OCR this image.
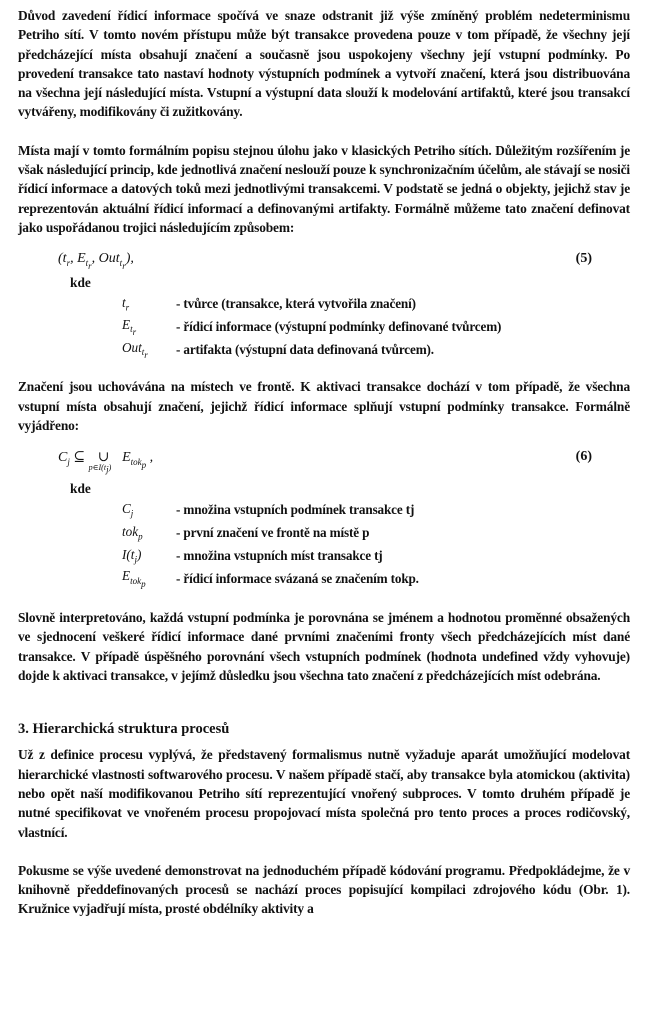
Důvod zavedení řídicí informace spočívá ve snaze odstranit již výše zmíněný problém nedeterminismu Petriho sítí. V tomto novém přístupu může být transakce provedena pouze v tom případě, že všechny její předcházející místa obsahují značení a současně jsou uspokojeny všechny její vstupní podmínky. Po provedení transakce tato nastaví hodnoty výstupních podmínek a vytvoří značení, která jsou distribuována na všechna její následující místa. Vstupní a výstupní data slouží k modelování artifaktů, které jsou transakcí vytvářeny, modifikovány či zužitkovány.

Místa mají v tomto formálním popisu stejnou úlohu jako v klasických Petriho sítích. Důležitým rozšířením je však následující princip, kde jednotlivá značení neslouží pouze k synchronizačním účelům, ale stávají se nosiči řídicí informace a datových toků mezi jednotlivými transakcemi. V podstatě se jedná o objekty, jejichž stav je reprezentován aktuální řídicí informací a definovanými artifakty. Formálně můžeme tato značení definovat jako uspořádanou trojici následujícím způsobem:

($t_r$, $E_{t_r}$, Out$_{t_r}$),	(5)
kde
$t_r$	- tvůrce (transakce, která vytvořila značení)
$E_{t_r}$	- řídicí informace (výstupní podmínky definované tvůrcem)
Out$_{t_r}$	- artifakta (výstupní data definovaná tvůrcem).

Značení jsou uchovávána na místech ve frontě. K aktivaci transakce dochází v tom případě, že všechna vstupní místa obsahují značení, jejichž řídicí informace splňují vstupní podmínky transakce. Formálně vyjádřeno:

$C_j$ ⊆ ∪
$p\in I(t_j)$
$E_{tok_p}$ ,	(6)
kde
$C_j$	- množina vstupních podmínek transakce tj
tok$_p$	- první značení ve frontě na místě p
$I(t_j)$	- množina vstupních míst transakce tj
$E_{tok_p}$	- řídicí informace svázaná se značením tokp.

Slovně interpretováno, každá vstupní podmínka je porovnána se jménem a hodnotou proměnné obsažených ve sjednocení veškeré řídicí informace dané prvními značeními fronty všech předcházejících míst dané transakce. V případě úspěšného porovnání všech vstupních podmínek (hodnota undefined vždy vyhovuje) dojde k aktivaci transakce, v jejímž důsledku jsou všechna tato značení z předcházejících míst odebrána.

3. Hierarchická struktura procesů

Už z definice procesu vyplývá, že představený formalismus nutně vyžaduje aparát umožňující modelovat hierarchické vlastnosti softwarového procesu. V našem případě stačí, aby transakce byla atomickou (aktivita) nebo opět naší modifikovanou Petriho sítí reprezentující vnořený subproces. V tomto druhém případě je nutné specifikovat ve vnořeném procesu propojovací místa společná pro tento proces a proces rodičovský, vlastnící.

Pokusme se výše uvedené demonstrovat na jednoduchém případě kódování programu. Předpokládejme, že v knihovně předdefinovaných procesů se nachází proces popisující kompilaci zdrojového kódu (Obr. 1). Kružnice vyjadřují místa, prosté obdélníky aktivity a
